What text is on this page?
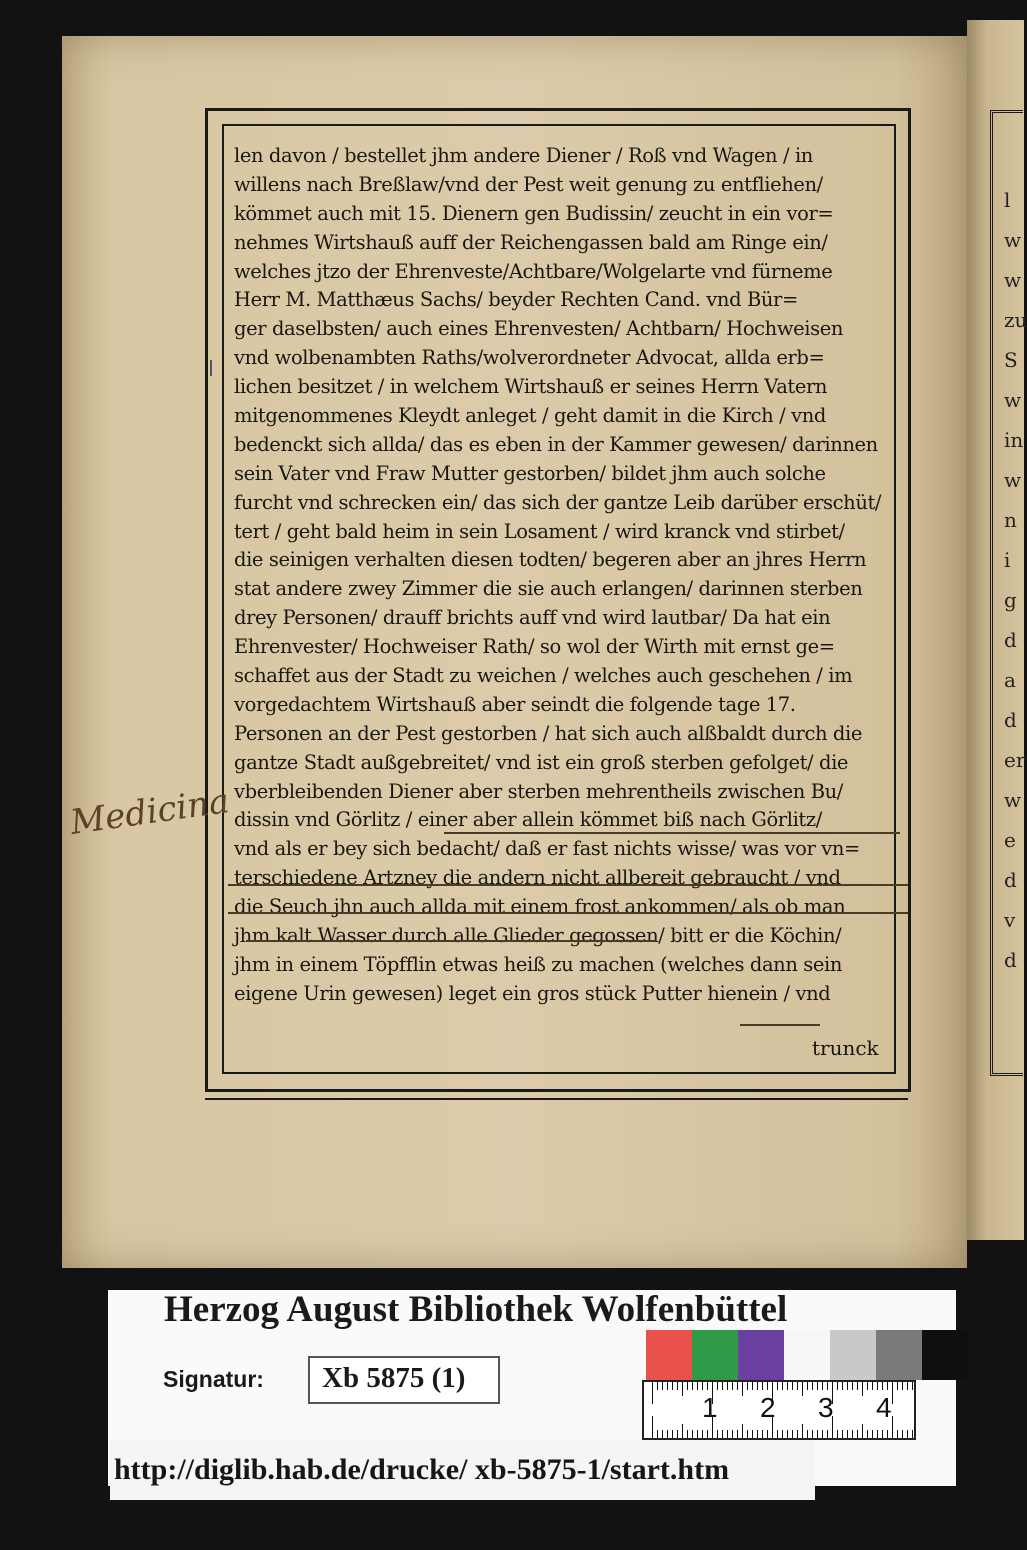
l
w
w
zu
S
w
in
w
n
i
g
d
a
d
er
w
e
d
v
d
len davon / bestellet jhm andere Diener / Roß vnd Wagen / in
willens nach Breßlaw/vnd der Pest weit genung zu entfliehen/
kömmet auch mit 15. Dienern gen Budissin/ zeucht in ein vor=
nehmes Wirtshauß auff der Reichengassen bald am Ringe ein/
welches jtzo der Ehrenveste/Achtbare/Wolgelarte vnd fürneme
Herr M. Matthæus Sachs/ beyder Rechten Cand. vnd Bür=
ger daselbsten/ auch eines Ehrenvesten/ Achtbarn/ Hochweisen
vnd wolbenambten Raths/wolverordneter Advocat, allda erb=
lichen besitzet / in welchem Wirtshauß er seines Herrn Vatern
mitgenommenes Kleydt anleget / geht damit in die Kirch / vnd
bedenckt sich allda/ das es eben in der Kammer gewesen/ darinnen
sein Vater vnd Fraw Mutter gestorben/ bildet jhm auch solche
furcht vnd schrecken ein/ das sich der gantze Leib darüber erschüt/
tert / geht bald heim in sein Losament / wird kranck vnd stirbet/
die seinigen verhalten diesen todten/ begeren aber an jhres Herrn
stat andere zwey Zimmer die sie auch erlangen/ darinnen sterben
drey Personen/ drauff brichts auff vnd wird lautbar/ Da hat ein
Ehrenvester/ Hochweiser Rath/ so wol der Wirth mit ernst ge=
schaffet aus der Stadt zu weichen / welches auch geschehen / im
vorgedachtem Wirtshauß aber seindt die folgende tage 17.
Personen an der Pest gestorben / hat sich auch alßbaldt durch die
gantze Stadt außgebreitet/ vnd ist ein groß sterben gefolget/ die
vberbleibenden Diener aber sterben mehrentheils zwischen Bu/
dissin vnd Görlitz / einer aber allein kömmet biß nach Görlitz/
vnd als er bey sich bedacht/ daß er fast nichts wisse/ was vor vn=
terschiedene Artzney die andern nicht allbereit gebraucht / vnd
die Seuch jhn auch allda mit einem frost ankommen/ als ob man
jhm kalt Wasser durch alle Glieder gegossen/ bitt er die Köchin/
jhm in einem Töpfflin etwas heiß zu machen (welches dann sein
eigene Urin gewesen) leget ein gros stück Putter hienein / vnd
trunck
Medicina
Herzog August Bibliothek Wolfenbüttel
Signatur: Xb 5875 (1)
1 2 3 4
http://diglib.hab.de/drucke/ xb-5875-1/start.htm
